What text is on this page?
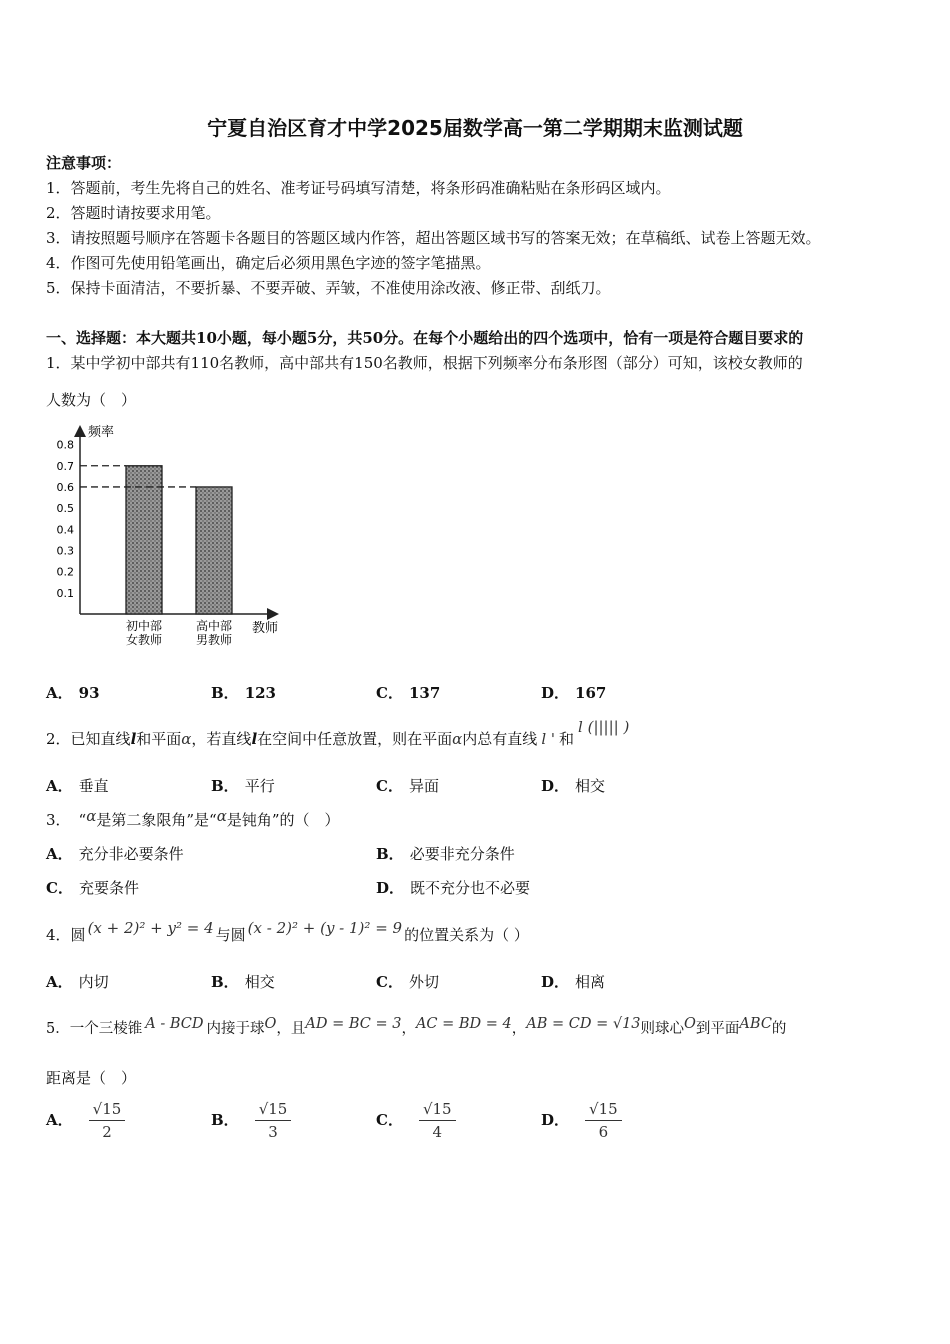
宁夏自治区育才中学2025届数学高一第二学期期末监测试题
注意事项：
1．答题前，考生先将自己的姓名、准考证号码填写清楚，将条形码准确粘贴在条形码区域内。
2．答题时请按要求用笔。
3．请按照题号顺序在答题卡各题目的答题区域内作答，超出答题区域书写的答案无效；在草稿纸、试卷上答题无效。
4．作图可先使用铅笔画出，确定后必须用黑色字迹的签字笔描黑。
5．保持卡面清洁，不要折暴、不要弄破、弄皱，不准使用涂改液、修正带、刮纸刀。
一、选择题：本大题共10小题，每小题5分，共50分。在每个小题给出的四个选项中，恰有一项是符合题目要求的
1．某中学初中部共有110名教师，高中部共有150名教师，根据下列频率分布条形图（部分）可知，该校女教师的
人数为（　）
0.1
0.2
0.3
0.4
0.5
0.6
0.7
0.8
初中部
女教师
高中部
男教师
频率
教师
A． 93	B． 123	C． 137	D． 167
2．已知直线l和平面α，若直线l在空间中任意放置，则在平面α内总有直线 l ' 和l (||||| )
A． 垂直	B． 平行	C． 异面	D． 相交
3． “α是第二象限角”是“α是钝角”的（　）
A． 充分非必要条件	B． 必要非充分条件
C． 充要条件	D． 既不充分也不必要
4．圆 (x + 2)² + y² = 4 与圆 (x - 2)² + (y - 1)² = 9 的位置关系为（ ）
A． 内切	B． 相交	C． 外切	D． 相离
5．一个三棱锥 A - BCD 内接于球O，且AD = BC = 3，AC = BD = 4，AB = CD = √13则球心O到平面ABC的
距离是（　）
A． $\frac{√15}{2}$	B． $\frac{√15}{3}$	C． $\frac{√15}{4}$	D． $\frac{√15}{6}$
